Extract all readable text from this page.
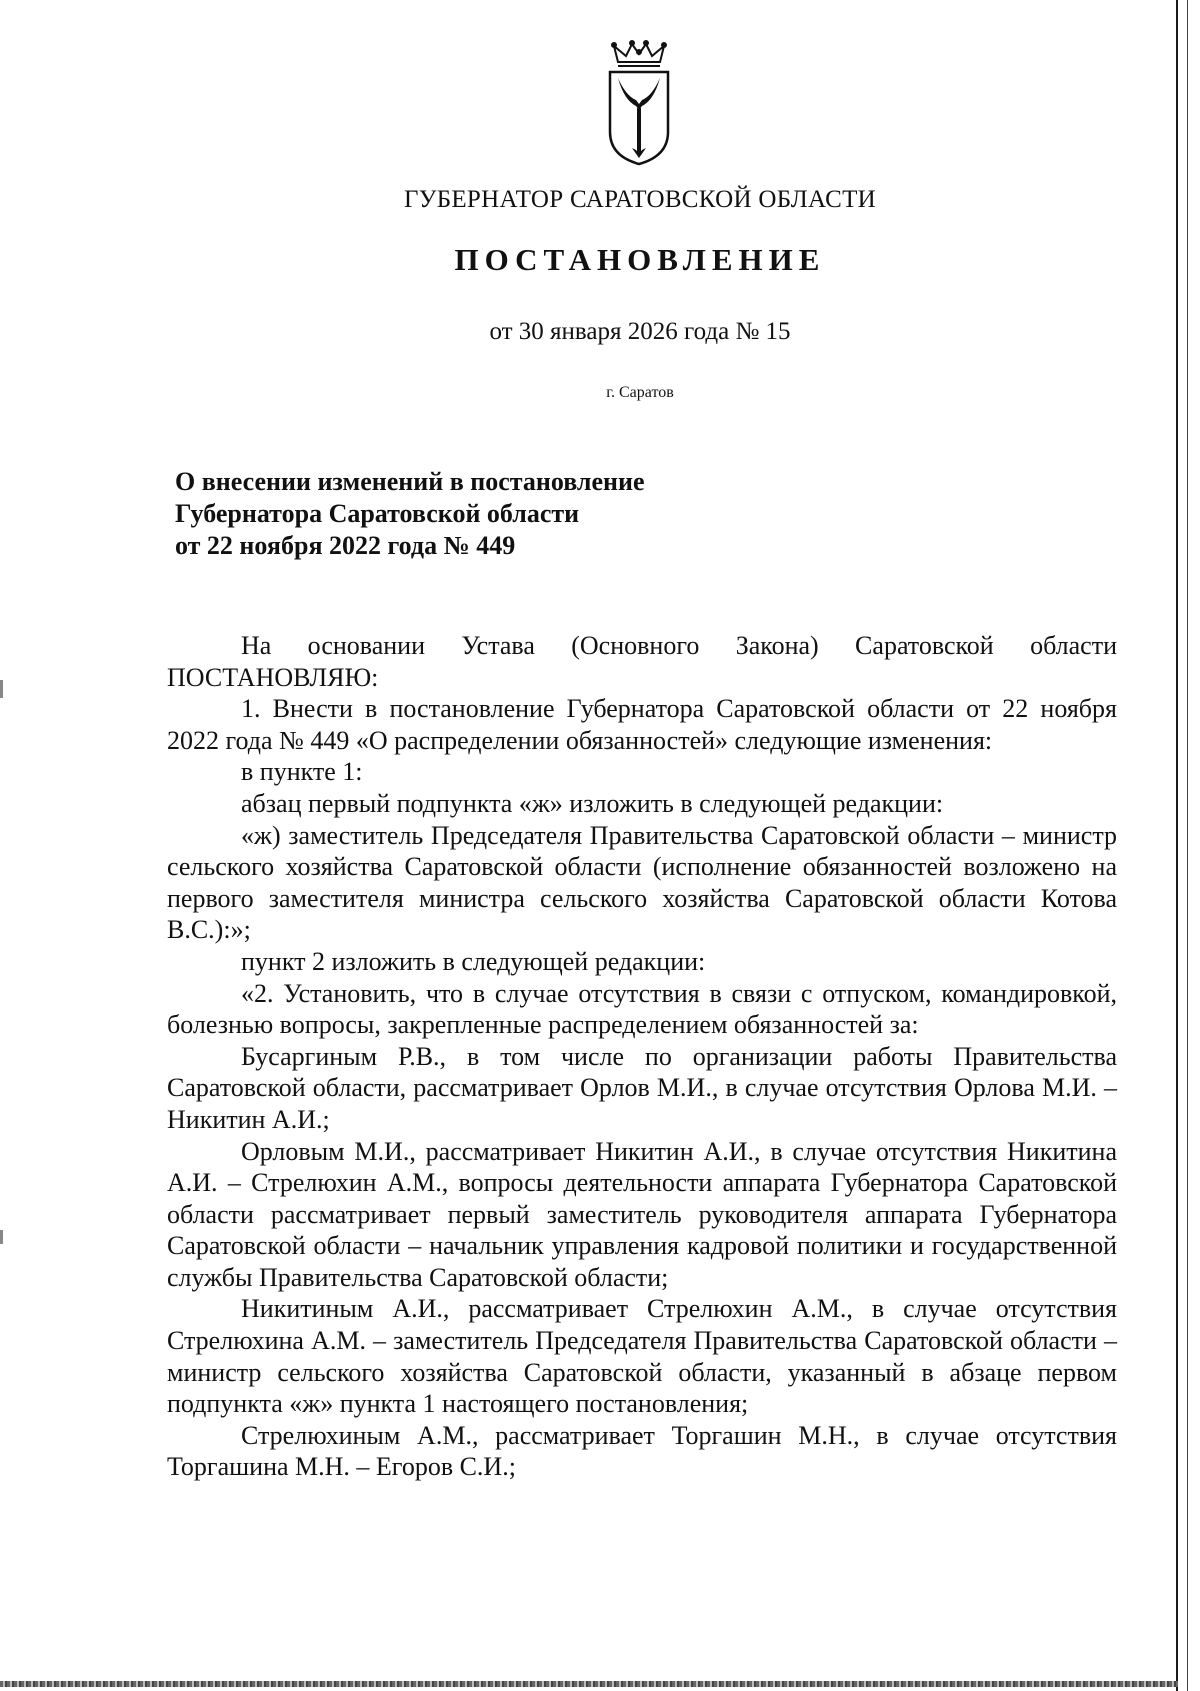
ГУБЕРНАТОР САРАТОВСКОЙ ОБЛАСТИ
ПОСТАНОВЛЕНИЕ
от 30 января 2026 года № 15
г. Саратов
О внесении изменений в постановление
Губернатора Саратовской области
от 22 ноября 2022 года № 449

На основании Устава (Основного Закона) Саратовской области ПОСТАНОВЛЯЮ:

1. Внести в постановление Губернатора Саратовской области от 22 ноября 2022 года № 449 «О распределении обязанностей» следующие изменения:

в пункте 1:

абзац первый подпункта «ж» изложить в следующей редакции:

«ж) заместитель Председателя Правительства Саратовской области – министр сельского хозяйства Саратовской области (исполнение обязанностей возложено на первого заместителя министра сельского хозяйства Саратовской области Котова В.С.):»;

пункт 2 изложить в следующей редакции:

«2. Установить, что в случае отсутствия в связи с отпуском, командировкой, болезнью вопросы, закрепленные распределением обязанностей за:

Бусаргиным Р.В., в том числе по организации работы Правительства Саратовской области, рассматривает Орлов М.И., в случае отсутствия Орлова М.И. – Никитин А.И.;

Орловым М.И., рассматривает Никитин А.И., в случае отсутствия Никитина А.И. – Стрелюхин А.М., вопросы деятельности аппарата Губернатора Саратовской области рассматривает первый заместитель руководителя аппарата Губернатора Саратовской области – начальник управления кадровой политики и государственной службы Правительства Саратовской области;

Никитиным А.И., рассматривает Стрелюхин А.М., в случае отсутствия Стрелюхина А.М. – заместитель Председателя Правительства Саратовской области – министр сельского хозяйства Саратовской области, указанный в абзаце первом подпункта «ж» пункта 1 настоящего постановления;

Стрелюхиным А.М., рассматривает Торгашин М.Н., в случае отсутствия Торгашина М.Н. – Егоров С.И.;
